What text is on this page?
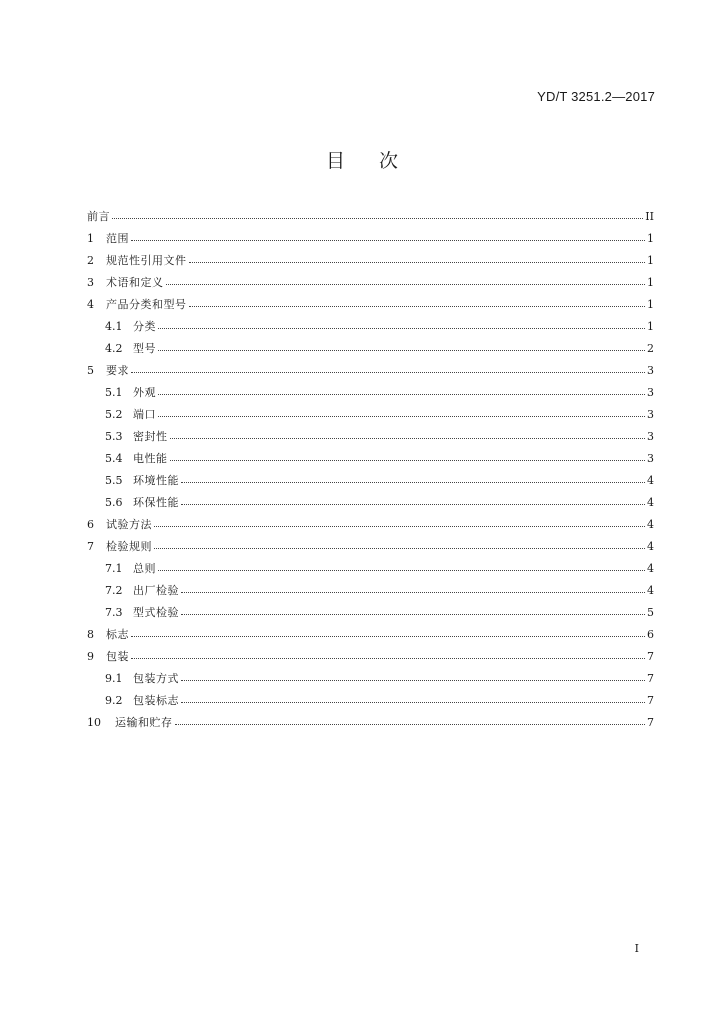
YD/T 3251.2—2017
目 次
前言	II
1	范围	1
2	规范性引用文件	1
3	术语和定义	1
4	产品分类和型号	1
4.1 分类	1
4.2 型号	2
5	要求	3
5.1 外观	3
5.2 端口	3
5.3 密封性	3
5.4 电性能	3
5.5 环境性能	4
5.6 环保性能	4
6	试验方法	4
7	检验规则	4
7.1 总则	4
7.2 出厂检验	4
7.3 型式检验	5
8	标志	6
9	包装	7
9.1 包装方式	7
9.2 包装标志	7
10	运输和贮存	7
I
